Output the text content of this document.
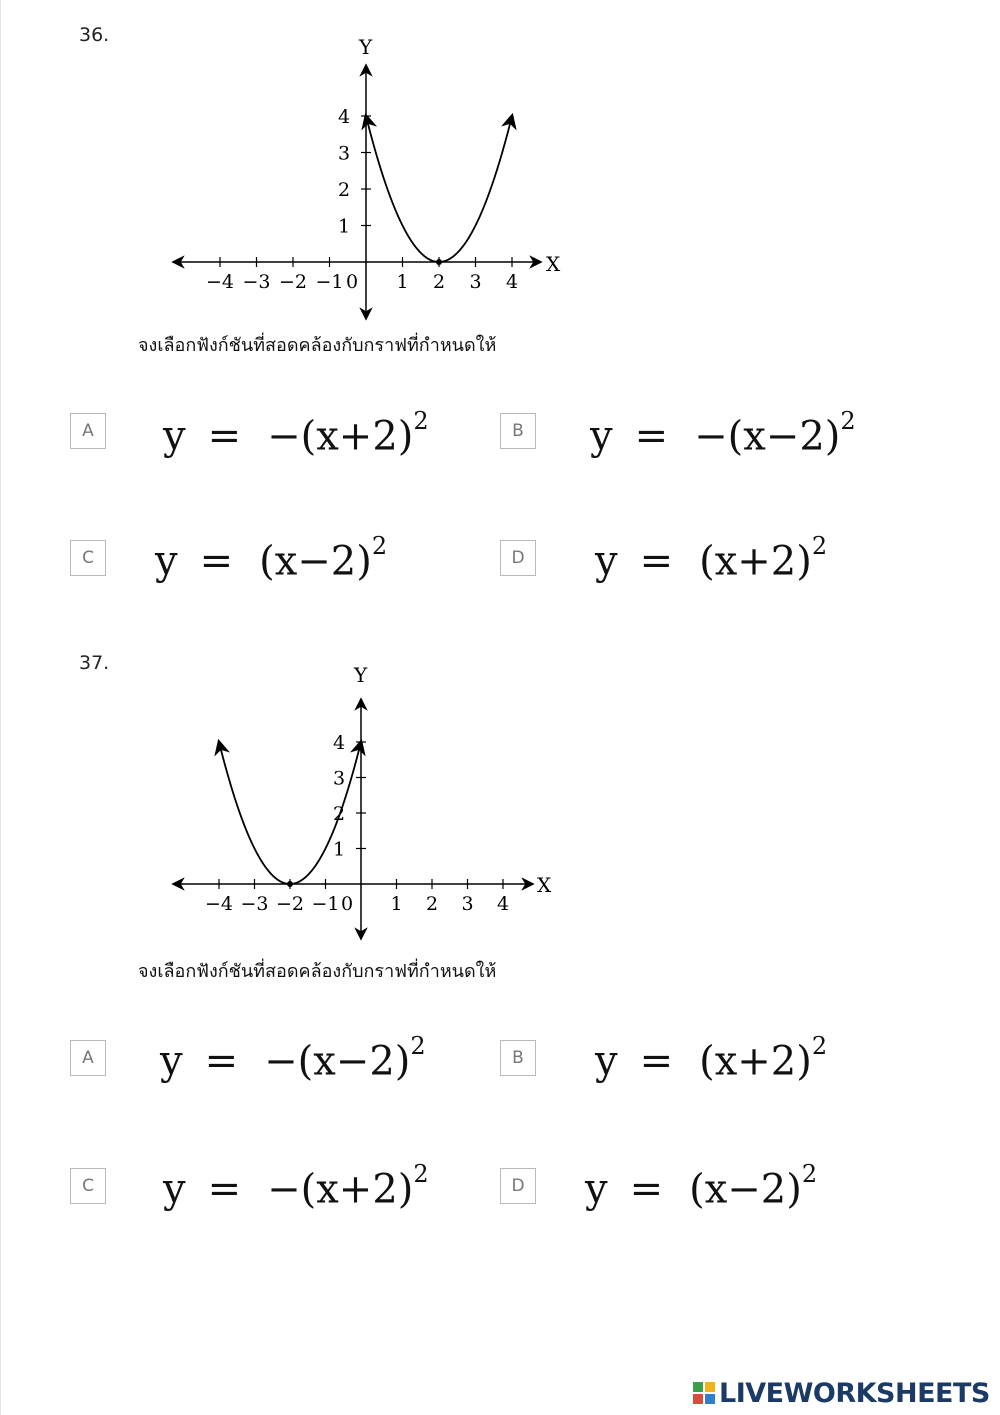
36.
−4 −3 −2 −1 0 1 2 3 4
1
2
3
4
Y
X
จงเลือกฟังก์ชันที่สอดคล้องกับกราฟที่กำหนดให้
A	$y = -(x+2)^2$	B	$y = -(x-2)^2$
C	$y = (x-2)^2$	D $y = (x+2)^2$
37.
−4 −3 −2 −1 0 1 2 3 4
1
2
3
4
Y
X
จงเลือกฟังก์ชันที่สอดคล้องกับกราฟที่กำหนดให้
A	$y = -(x-2)^2$	B	$y = (x+2)^2$
C	$y = -(x+2)^2$	D $y = (x-2)^2$
LIVEWORKSHEETS
